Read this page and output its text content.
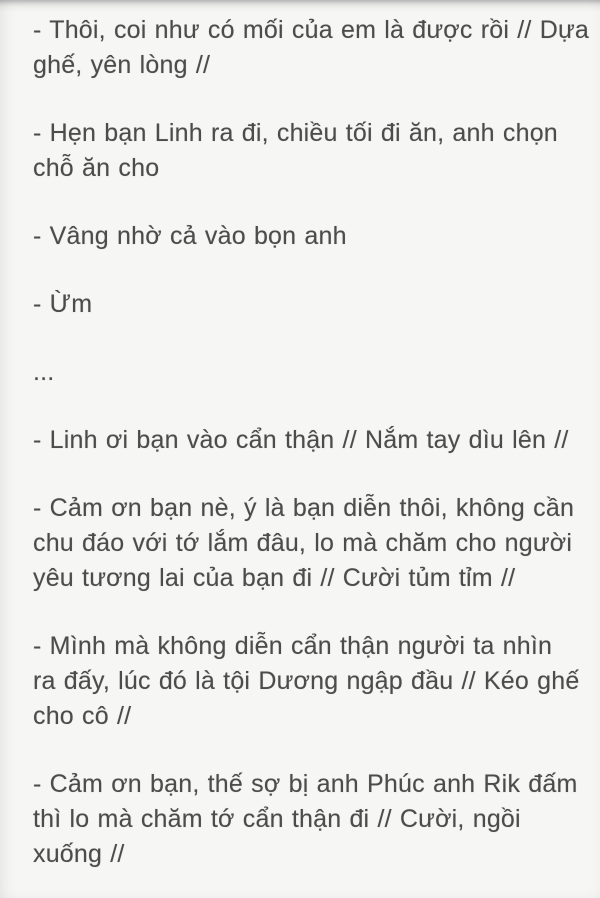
- Thôi, coi như có mối của em là được rồi // Dựa
ghế, yên lòng //

- Hẹn bạn Linh ra đi, chiều tối đi ăn, anh chọn
chỗ ăn cho

- Vâng nhờ cả vào bọn anh

- Ừm

...

- Linh ơi bạn vào cẩn thận // Nắm tay dìu lên //

- Cảm ơn bạn nè, ý là bạn diễn thôi, không cần
chu đáo với tớ lắm đâu, lo mà chăm cho người
yêu tương lai của bạn đi // Cười tủm tỉm //

- Mình mà không diễn cẩn thận người ta nhìn
ra đấy, lúc đó là tội Dương ngập đầu // Kéo ghế
cho cô //

- Cảm ơn bạn, thế sợ bị anh Phúc anh Rik đấm
thì lo mà chăm tớ cẩn thận đi // Cười, ngồi
xuống //
